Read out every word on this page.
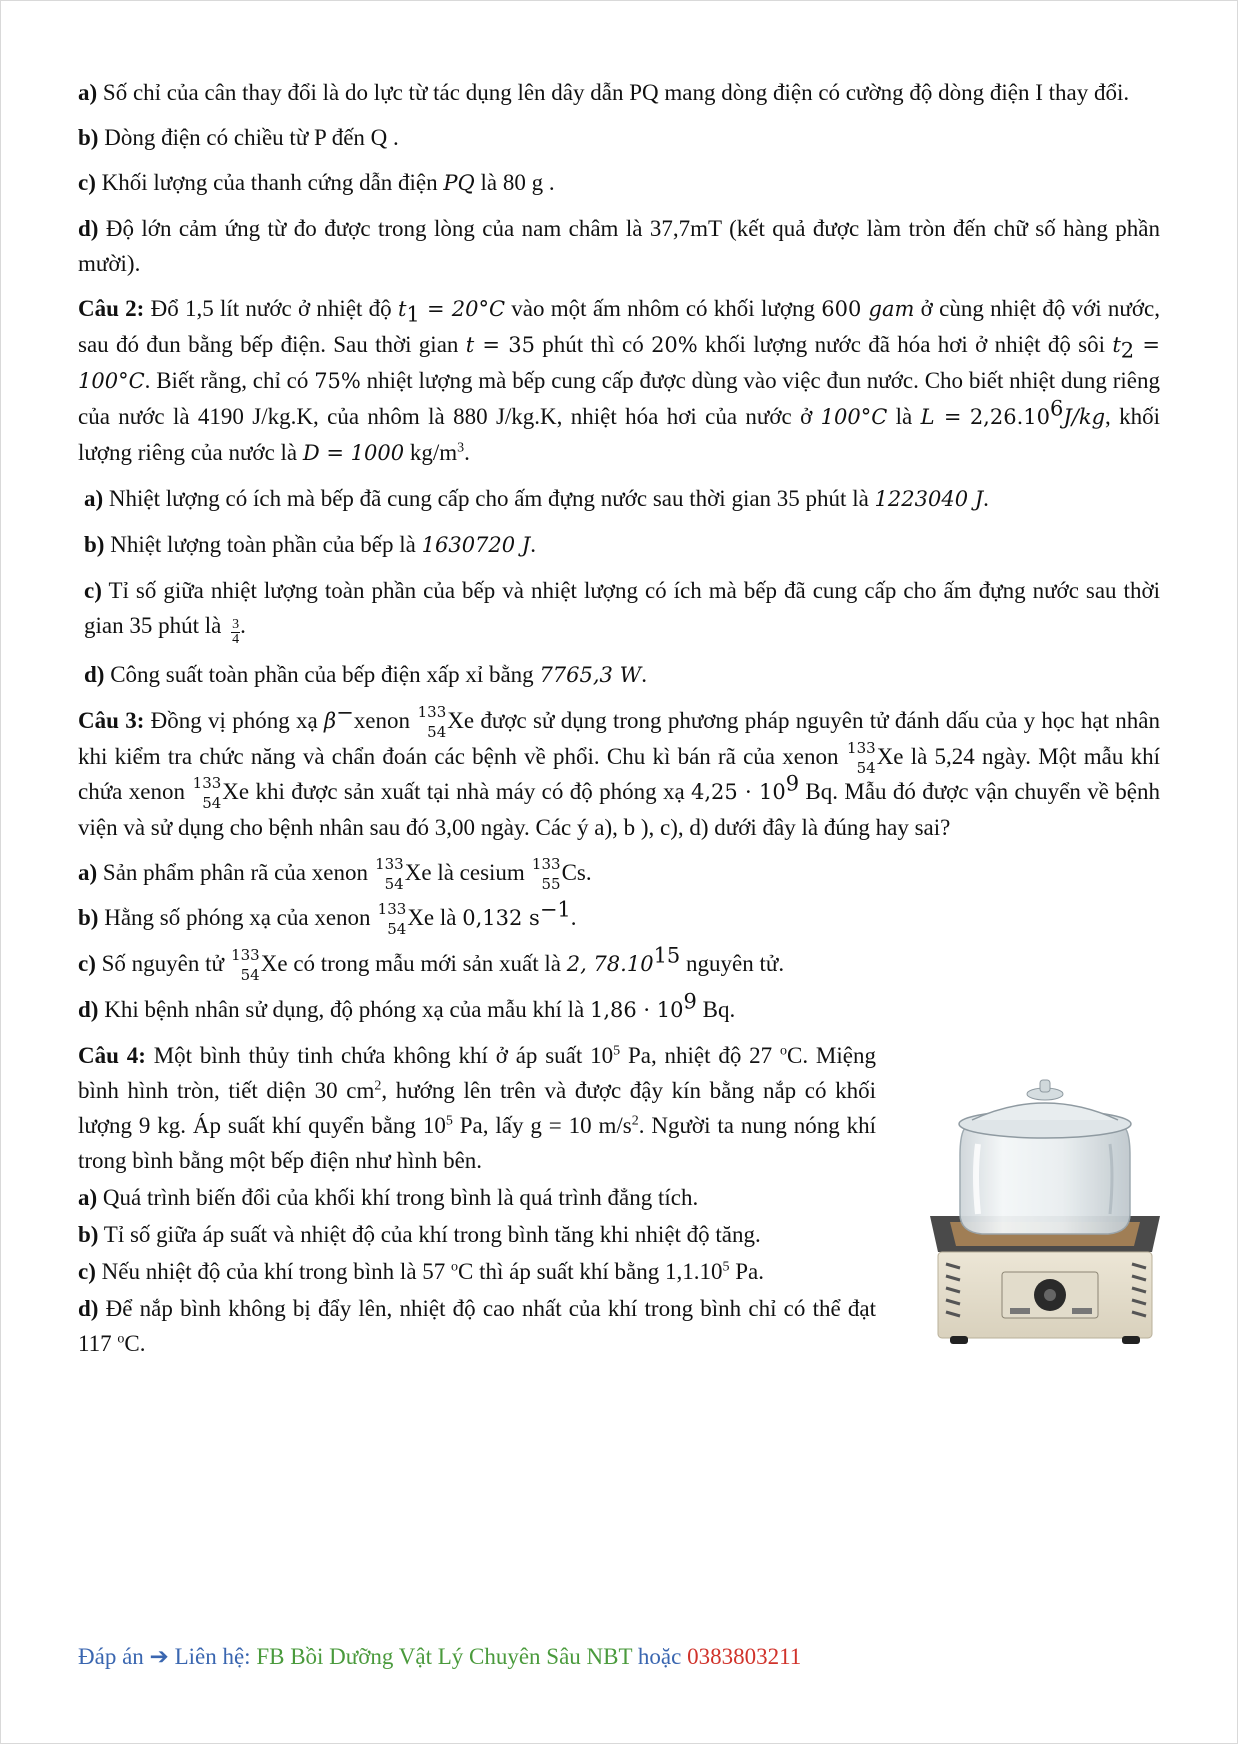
a) Số chỉ của cân thay đổi là do lực từ tác dụng lên dây dẫn PQ mang dòng điện có cường độ dòng điện I thay đổi.

b) Dòng điện có chiều từ P đến Q .

c) Khối lượng của thanh cứng dẫn điện PQ là 80 g .

d) Độ lớn cảm ứng từ đo được trong lòng của nam châm là 37,7mT (kết quả được làm tròn đến chữ số hàng phần mười).

Câu 2: Đổ 1,5 lít nước ở nhiệt độ $t_1 = 20^\circ C$ vào một ấm nhôm có khối lượng 600 gam ở cùng nhiệt độ với nước, sau đó đun bằng bếp điện. Sau thời gian t = 35 phút thì có 20% khối lượng nước đã hóa hơi ở nhiệt độ sôi $t_2 = 100^\circ C$. Biết rằng, chỉ có 75% nhiệt lượng mà bếp cung cấp được dùng vào việc đun nước. Cho biết nhiệt dung riêng của nước là 4190 J/kg.K, của nhôm là 880 J/kg.K, nhiệt hóa hơi của nước ở 100°C là $L = 2,26.10^6J/kg$, khối lượng riêng của nước là D = 1000 $kg/m^3$.

a) Nhiệt lượng có ích mà bếp đã cung cấp cho ấm đựng nước sau thời gian 35 phút là 1223040 J.

b) Nhiệt lượng toàn phần của bếp là 1630720 J.

c) Tỉ số giữa nhiệt lượng toàn phần của bếp và nhiệt lượng có ích mà bếp đã cung cấp cho ấm đựng nước sau thời gian 35 phút là $\frac{3}{4}$ .

d) Công suất toàn phần của bếp điện xấp xỉ bằng 7765,3 W.

Câu 3: Đồng vị phóng xạ β−xenon 133
54 Xe được sử dụng trong phương pháp nguyên tử đánh dấu của y học hạt nhân khi kiểm tra chức năng và chẩn đoán các bệnh về phổi. Chu kì bán rã của xenon 133
54 Xe là 5,24 ngày. Một mẫu khí chứa xenon 133
54 Xe khi được sản xuất tại nhà máy có độ phóng xạ $4,25 \cdot 10^9$ Bq. Mẫu đó được vận chuyển về bệnh viện và sử dụng cho bệnh nhân sau đó 3,00 ngày. Các ý a), b ), c), d) dưới đây là đúng hay sai?

a) Sản phẩm phân rã của xenon 133
54 Xe là cesium 133
55 Cs.

b) Hằng số phóng xạ của xenon 133
54 Xe là 0,132 $s^{-1}$.

c) Số nguyên tử 133
54 Xe có trong mẫu mới sản xuất là 2, 78.10$^{15}$ nguyên tử.

d) Khi bệnh nhân sử dụng, độ phóng xạ của mẫu khí là $1,86 \cdot 10^9$ Bq.

Câu 4: Một bình thủy tinh chứa không khí ở áp suất $10^5$ Pa, nhiệt độ 27 $^o$C. Miệng bình hình tròn, tiết diện 30 $cm^2$, hướng lên trên và được đậy kín bằng nắp có khối lượng 9 kg. Áp suất khí quyển bằng $10^5$ Pa, lấy g = 10 $m/s^2$. Người ta nung nóng khí trong bình bằng một bếp điện như hình bên.

a) Quá trình biến đổi của khối khí trong bình là quá trình đẳng tích.

b) Tỉ số giữa áp suất và nhiệt độ của khí trong bình tăng khi nhiệt độ tăng.

c) Nếu nhiệt độ của khí trong bình là 57 $^o$C thì áp suất khí bằng 1,1.10$^5$ Pa.

d) Để nắp bình không bị đẩy lên, nhiệt độ cao nhất của khí trong bình chỉ có thể đạt 117 $^o$C.

Đáp án ➔ Liên hệ: FB Bồi Dưỡng Vật Lý Chuyên Sâu NBT hoặc 0383803211
